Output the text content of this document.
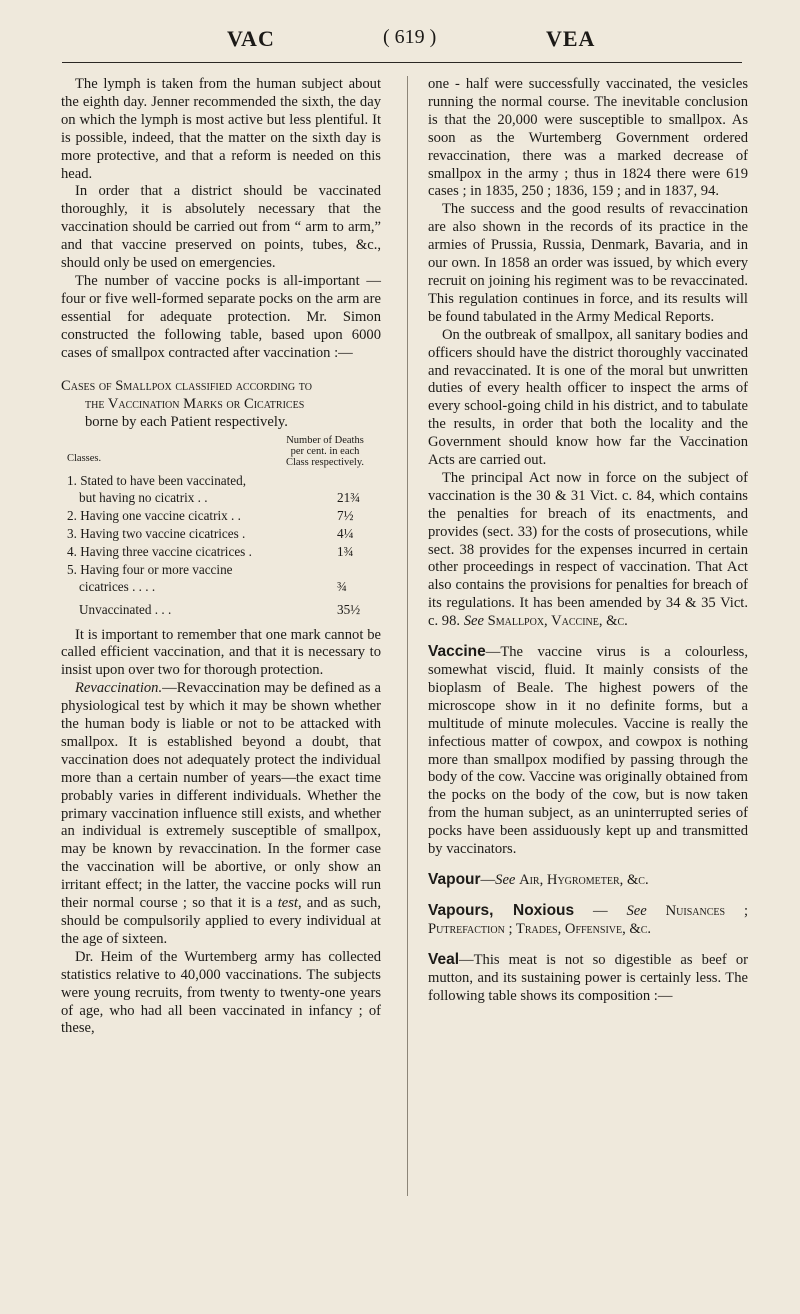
VAC	( 619 )	VEA

The lymph is taken from the human subject about the eighth day. Jenner recommended the sixth, the day on which the lymph is most active but less plentiful. It is possible, indeed, that the matter on the sixth day is more protective, and that a reform is needed on this head.

In order that a district should be vaccinated thoroughly, it is absolutely necessary that the vaccination should be carried out from “ arm to arm,” and that vaccine preserved on points, tubes, &c., should only be used on emergencies.

The number of vaccine pocks is all-important —four or five well-formed separate pocks on the arm are essential for adequate protection. Mr. Simon constructed the following table, based upon 6000 cases of smallpox contracted after vaccination :—

Cases of Smallpox classified according to
the Vaccination Marks or Cicatrices
borne by each Patient respectively.
Number of Deaths
per cent. in each
Class respectively.
Classes.
1. Stated to have been vaccinated,
but having no cicatrix . .	21¾
2. Having one vaccine cicatrix . .	7½
3. Having two vaccine cicatrices .	4¼
4. Having three vaccine cicatrices .	1¾
5. Having four or more vaccine
cicatrices . . . .	¾
Unvaccinated . . .	35½

It is important to remember that one mark cannot be called efficient vaccination, and that it is necessary to insist upon over two for thorough protection.

Revaccination.—Revaccination may be defined as a physiological test by which it may be shown whether the human body is liable or not to be attacked with smallpox. It is established beyond a doubt, that vaccination does not adequately protect the individual more than a certain number of years—the exact time probably varies in different individuals. Whether the primary vaccination influence still exists, and whether an individual is extremely susceptible of smallpox, may be known by revaccination. In the former case the vaccination will be abortive, or only show an irritant effect; in the latter, the vaccine pocks will run their normal course ; so that it is a test, and as such, should be compulsorily applied to every individual at the age of sixteen.

Dr. Heim of the Wurtemberg army has collected statistics relative to 40,000 vaccinations. The subjects were young recruits, from twenty to twenty-one years of age, who had all been vaccinated in infancy ; of these,

one - half were successfully vaccinated, the vesicles running the normal course. The inevitable conclusion is that the 20,000 were susceptible to smallpox. As soon as the Wurtemberg Government ordered revaccination, there was a marked decrease of smallpox in the army ; thus in 1824 there were 619 cases ; in 1835, 250 ; 1836, 159 ; and in 1837, 94.

The success and the good results of revaccination are also shown in the records of its practice in the armies of Prussia, Russia, Denmark, Bavaria, and in our own. In 1858 an order was issued, by which every recruit on joining his regiment was to be revaccinated. This regulation continues in force, and its results will be found tabulated in the Army Medical Reports.

On the outbreak of smallpox, all sanitary bodies and officers should have the district thoroughly vaccinated and revaccinated. It is one of the moral but unwritten duties of every health officer to inspect the arms of every school-going child in his district, and to tabulate the results, in order that both the locality and the Government should know how far the Vaccination Acts are carried out.

The principal Act now in force on the subject of vaccination is the 30 & 31 Vict. c. 84, which contains the penalties for breach of its enactments, and provides (sect. 33) for the costs of prosecutions, while sect. 38 provides for the expenses incurred in certain other proceedings in respect of vaccination. That Act also contains the provisions for penalties for breach of its regulations. It has been amended by 34 & 35 Vict. c. 98. See Smallpox, Vaccine, &c.

Vaccine—The vaccine virus is a colourless, somewhat viscid, fluid. It mainly consists of the bioplasm of Beale. The highest powers of the microscope show in it no definite forms, but a multitude of minute molecules. Vaccine is really the infectious matter of cowpox, and cowpox is nothing more than smallpox modified by passing through the body of the cow. Vaccine was originally obtained from the pocks on the body of the cow, but is now taken from the human subject, as an uninterrupted series of pocks have been assiduously kept up and transmitted by vaccinators.

Vapour—See Air, Hygrometer, &c.

Vapours, Noxious — See Nuisances ; Putrefaction ; Trades, Offensive, &c.

Veal—This meat is not so digestible as beef or mutton, and its sustaining power is certainly less. The following table shows its composition :—
